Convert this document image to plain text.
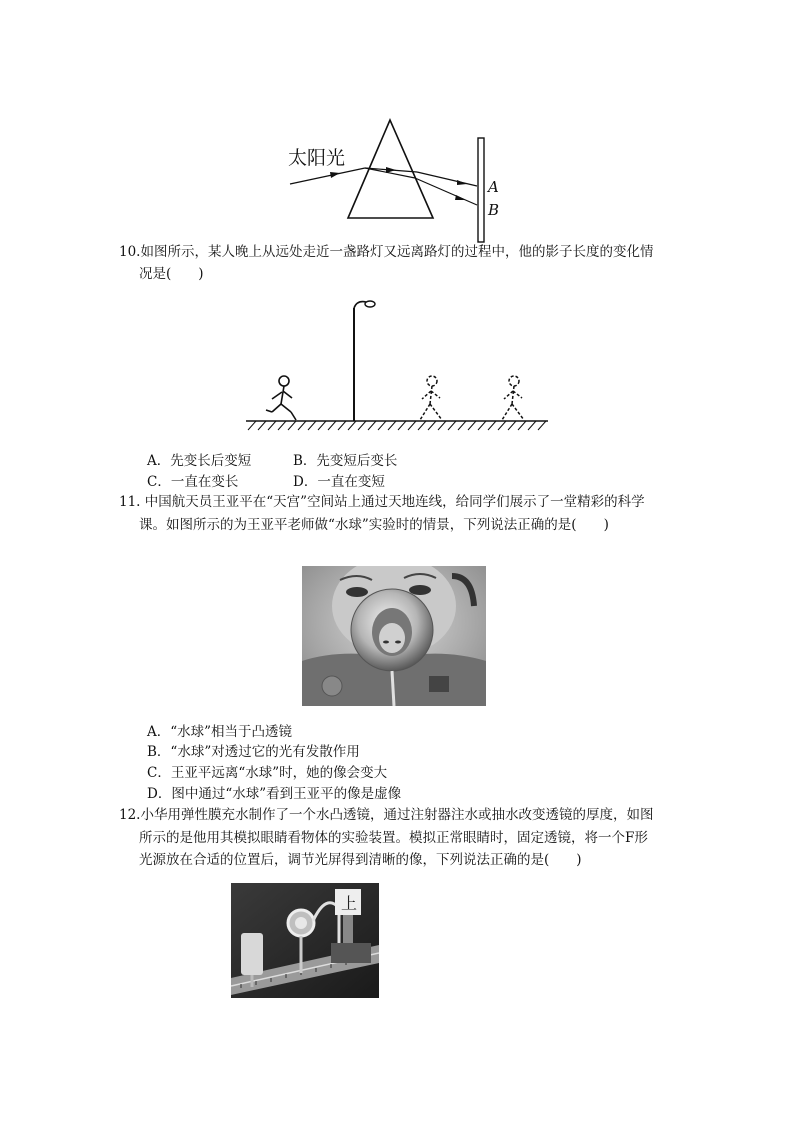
太阳光
A
B
10.如图所示，某人晚上从远处走近一盏路灯又远离路灯的过程中，他的影子长度的变化情
况是(　　)
A．先变长后变短	B．先变短后变长
C．一直在变长	D．一直在变短
11. 中国航天员王亚平在“天宫”空间站上通过天地连线，给同学们展示了一堂精彩的科学
课。如图所示的为王亚平老师做“水球”实验时的情景，下列说法正确的是(　　)
A．“水球”相当于凸透镜
B．“水球”对透过它的光有发散作用
C．王亚平远离“水球”时，她的像会变大
D．图中通过“水球”看到王亚平的像是虚像
12.小华用弹性膜充水制作了一个水凸透镜，通过注射器注水或抽水改变透镜的厚度，如图
所示的是他用其模拟眼睛看物体的实验装置。模拟正常眼睛时，固定透镜，将一个F形
光源放在合适的位置后，调节光屏得到清晰的像，下列说法正确的是(　　)
上
